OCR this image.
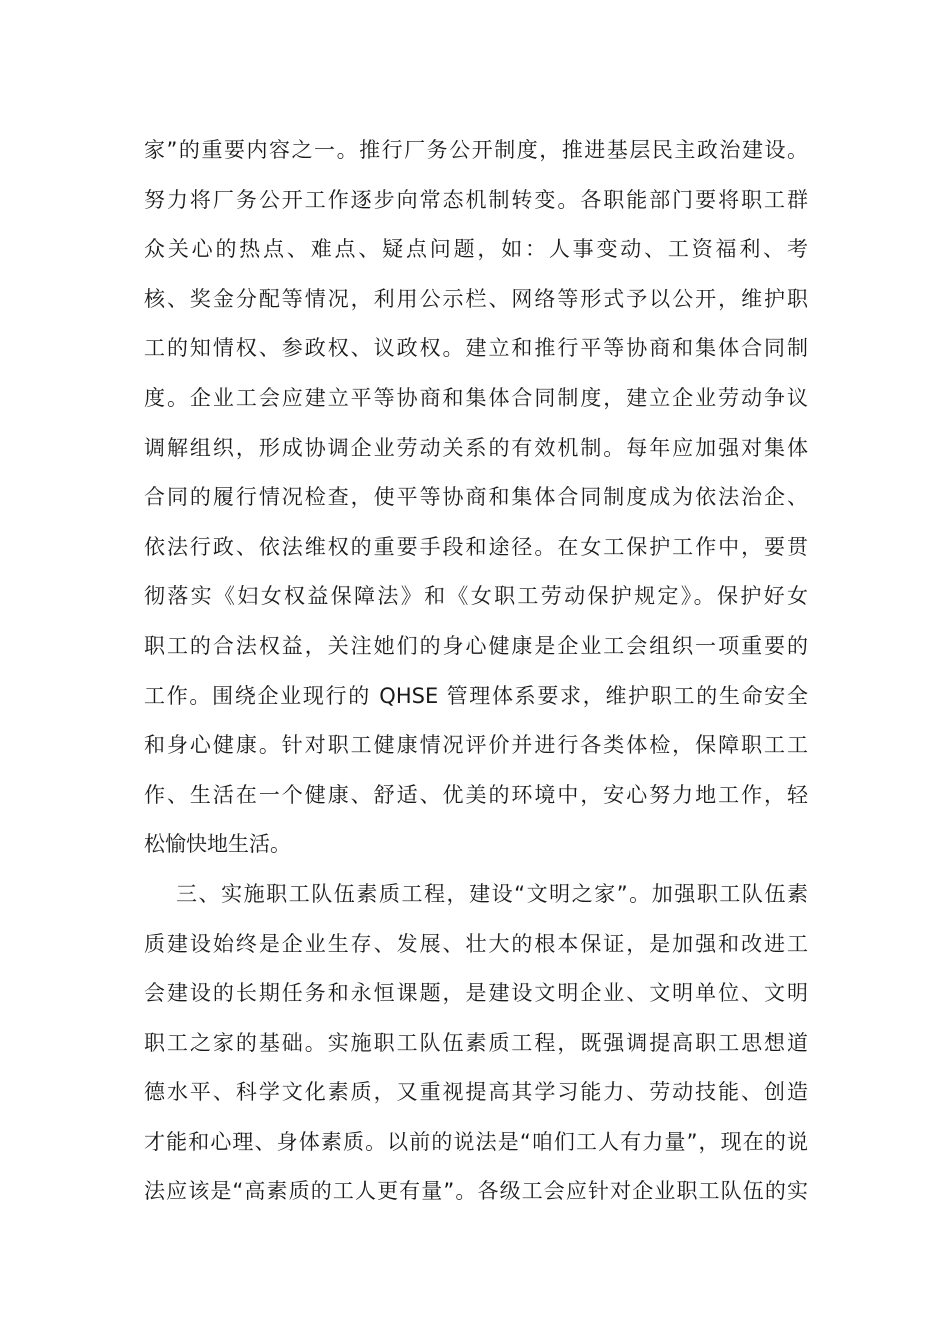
家”的重要内容之一。推行厂务公开制度，推进基层民主政治建设。
努力将厂务公开工作逐步向常态机制转变。各职能部门要将职工群
众关心的热点、难点、疑点问题，如：人事变动、工资福利、考
核、奖金分配等情况，利用公示栏、网络等形式予以公开，维护职
工的知情权、参政权、议政权。建立和推行平等协商和集体合同制
度。企业工会应建立平等协商和集体合同制度，建立企业劳动争议
调解组织，形成协调企业劳动关系的有效机制。每年应加强对集体
合同的履行情况检查，使平等协商和集体合同制度成为依法治企、
依法行政、依法维权的重要手段和途径。在女工保护工作中，要贯
彻落实《妇女权益保障法》和《女职工劳动保护规定》。保护好女
职工的合法权益，关注她们的身心健康是企业工会组织一项重要的
工作。围绕企业现行的 QHSE 管理体系要求，维护职工的生命安全
和身心健康。针对职工健康情况评价并进行各类体检，保障职工工
作、生活在一个健康、舒适、优美的环境中，安心努力地工作，轻
松愉快地生活。
三、实施职工队伍素质工程，建设“文明之家”。加强职工队伍素
质建设始终是企业生存、发展、壮大的根本保证，是加强和改进工
会建设的长期任务和永恒课题，是建设文明企业、文明单位、文明
职工之家的基础。实施职工队伍素质工程，既强调提高职工思想道
德水平、科学文化素质，又重视提高其学习能力、劳动技能、创造
才能和心理、身体素质。以前的说法是“咱们工人有力量”，现在的说
法应该是“高素质的工人更有量”。各级工会应针对企业职工队伍的实
